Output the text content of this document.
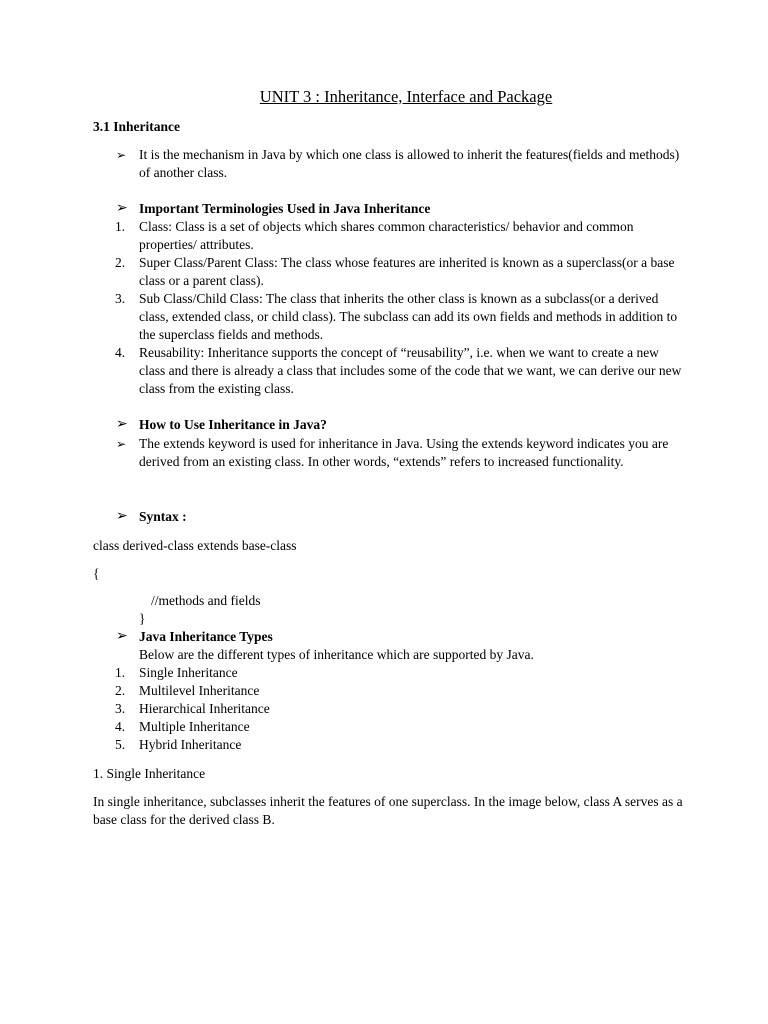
UNIT 3 : Inheritance, Interface and Package
3.1 Inheritance
➢ It is the mechanism in Java by which one class is allowed to inherit the features(fields and methods) of another class.
➢ Important Terminologies Used in Java Inheritance
1.	Class: Class is a set of objects which shares common characteristics/ behavior and common properties/ attributes.
2.	Super Class/Parent Class: The class whose features are inherited is known as a superclass(or a base class or a parent class).
3.	Sub Class/Child Class: The class that inherits the other class is known as a subclass(or a derived class, extended class, or child class). The subclass can add its own fields and methods in addition to the superclass fields and methods.
4.	Reusability: Inheritance supports the concept of “reusability”, i.e. when we want to create a new class and there is already a class that includes some of the code that we want, we can derive our new class from the existing class.
➢ How to Use Inheritance in Java?
➢ The extends keyword is used for inheritance in Java. Using the extends keyword indicates you are derived from an existing class. In other words, “extends” refers to increased functionality.
➢ Syntax :
class derived-class extends base-class
{
//methods and fields
}
➢ Java Inheritance Types
Below are the different types of inheritance which are supported by Java.
1.	Single Inheritance
2.	Multilevel Inheritance
3.	Hierarchical Inheritance
4.	Multiple Inheritance
5.	Hybrid Inheritance
1. Single Inheritance
In single inheritance, subclasses inherit the features of one superclass. In the image below, class A serves as a base class for the derived class B.
